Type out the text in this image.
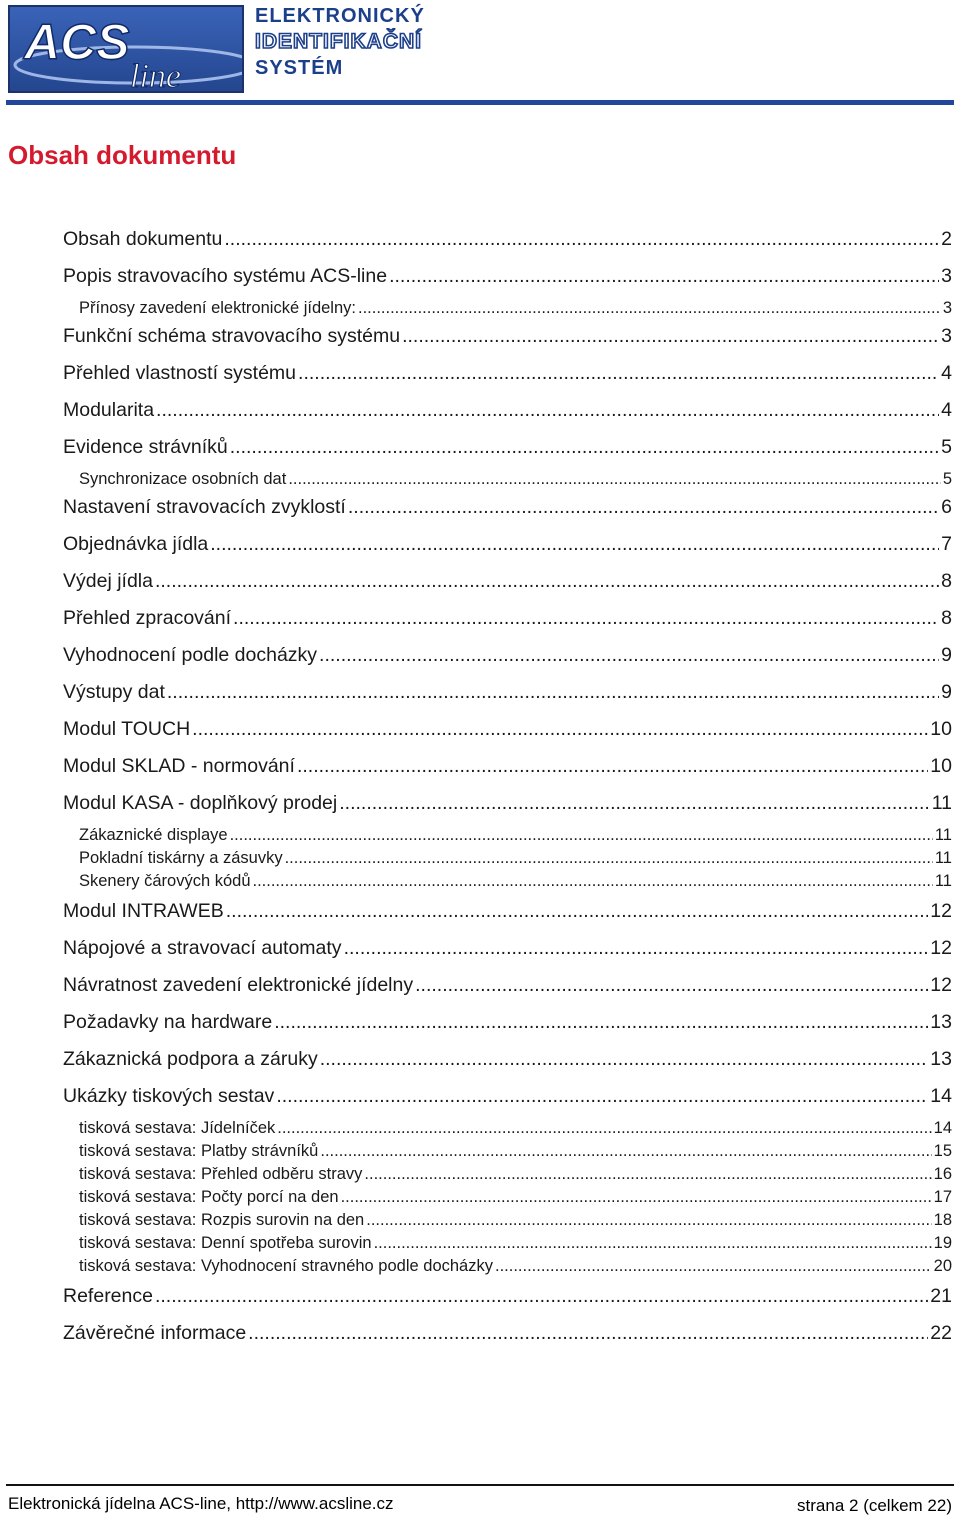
ACS
line
ELEKTRONICKÝ
IDENTIFIKAČNÍ
SYSTÉM
Obsah dokumentu
Obsah dokumentu .....	2
Popis stravovacího systému ACS-line .....	3
Přínosy zavedení elektronické jídelny: .....	3
Funkční schéma stravovacího systému .....	3
Přehled vlastností systému .....	4
Modularita .....	4
Evidence strávníků .....	5
Synchronizace osobních dat .....	5
Nastavení stravovacích zvyklostí .....	6
Objednávka jídla .....	7
Výdej jídla .....	8
Přehled zpracování .....	8
Vyhodnocení podle docházky .....	9
Výstupy dat .....	9
Modul TOUCH .....	10
Modul SKLAD - normování .....	10
Modul KASA - doplňkový prodej .....	11
Zákaznické displaye .....	11
Pokladní tiskárny a zásuvky .....	11
Skenery čárových kódů .....	11
Modul INTRAWEB .....	12
Nápojové a stravovací automaty .....	12
Návratnost zavedení elektronické jídelny .....	12
Požadavky na hardware .....	13
Zákaznická podpora a záruky .....	13
Ukázky tiskových sestav .....	14
tisková sestava: Jídelníček .....	14
tisková sestava: Platby strávníků .....	15
tisková sestava: Přehled odběru stravy .....	16
tisková sestava: Počty porcí na den .....	17
tisková sestava: Rozpis surovin na den .....	18
tisková sestava: Denní spotřeba surovin .....	19
tisková sestava: Vyhodnocení stravného podle docházky .....	20
Reference .....	21
Závěrečné informace .....	22
Elektronická jídelna ACS-line, http://www.acsline.cz	strana 2 (celkem 22)
